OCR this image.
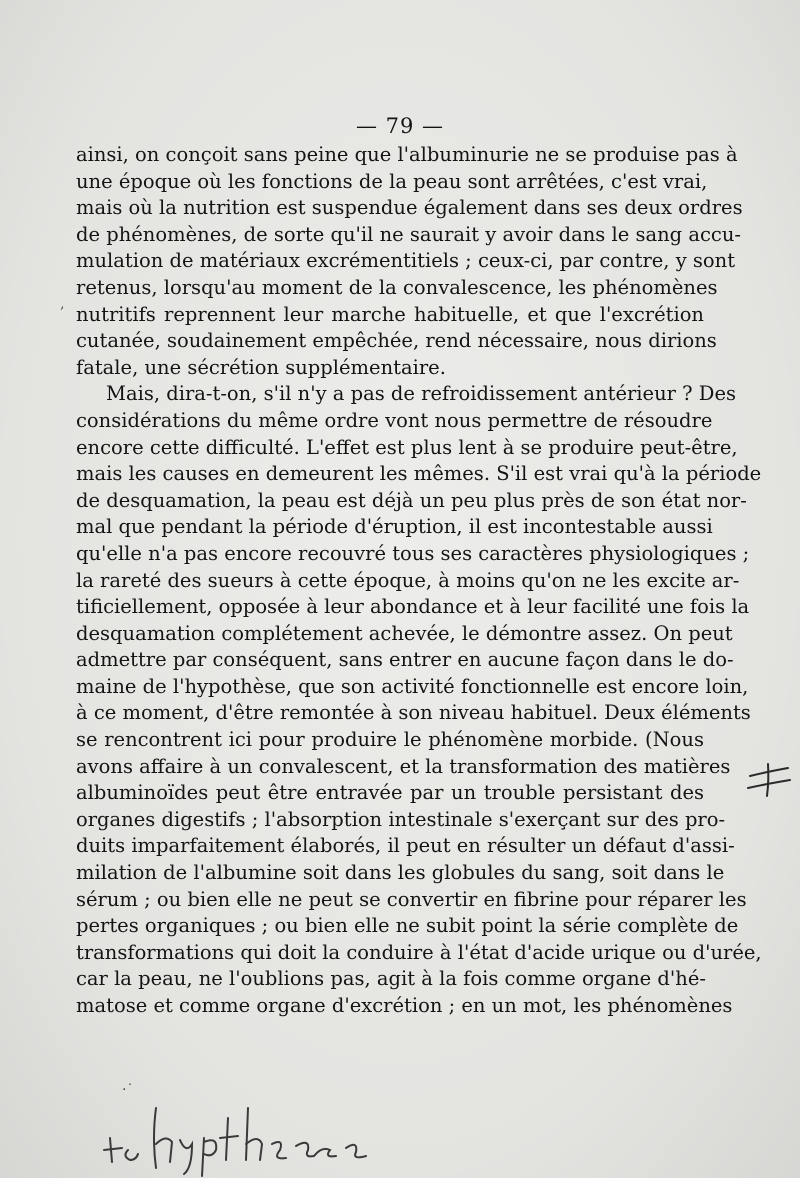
— 79 —
ainsi, on conçoit sans peine que l'albuminurie ne se produise pas à
une époque où les fonctions de la peau sont arrêtées, c'est vrai,
mais où la nutrition est suspendue également dans ses deux ordres
de phénomènes, de sorte qu'il ne saurait y avoir dans le sang accu-
mulation de matériaux excrémentitiels ; ceux-ci, par contre, y sont
retenus, lorsqu'au moment de la convalescence, les phénomènes
nutritifs reprennent leur marche habituelle, et que l'excrétion
cutanée, soudainement empêchée, rend nécessaire, nous dirions
fatale, une sécrétion supplémentaire.
Mais, dira-t-on, s'il n'y a pas de refroidissement antérieur ? Des
considérations du même ordre vont nous permettre de résoudre
encore cette difficulté. L'effet est plus lent à se produire peut-être,
mais les causes en demeurent les mêmes. S'il est vrai qu'à la période
de desquamation, la peau est déjà un peu plus près de son état nor-
mal que pendant la période d'éruption, il est incontestable aussi
qu'elle n'a pas encore recouvré tous ses caractères physiologiques ;
la rareté des sueurs à cette époque, à moins qu'on ne les excite ar-
tificiellement, opposée à leur abondance et à leur facilité une fois la
desquamation complétement achevée, le démontre assez. On peut
admettre par conséquent, sans entrer en aucune façon dans le do-
maine de l'hypothèse, que son activité fonctionnelle est encore loin,
à ce moment, d'être remontée à son niveau habituel. Deux éléments
se rencontrent ici pour produire le phénomène morbide. (Nous
avons affaire à un convalescent, et la transformation des matières
albuminoïdes peut être entravée par un trouble persistant des
organes digestifs ; l'absorption intestinale s'exerçant sur des pro-
duits imparfaitement élaborés, il peut en résulter un défaut d'assi-
milation de l'albumine soit dans les globules du sang, soit dans le
sérum ; ou bien elle ne peut se convertir en fibrine pour réparer les
pertes organiques ; ou bien elle ne subit point la série complète de
transformations qui doit la conduire à l'état d'acide urique ou d'urée,
car la peau, ne l'oublions pas, agit à la fois comme organe d'hé-
matose et comme organe d'excrétion ; en un mot, les phénomènes
‚
·˙
